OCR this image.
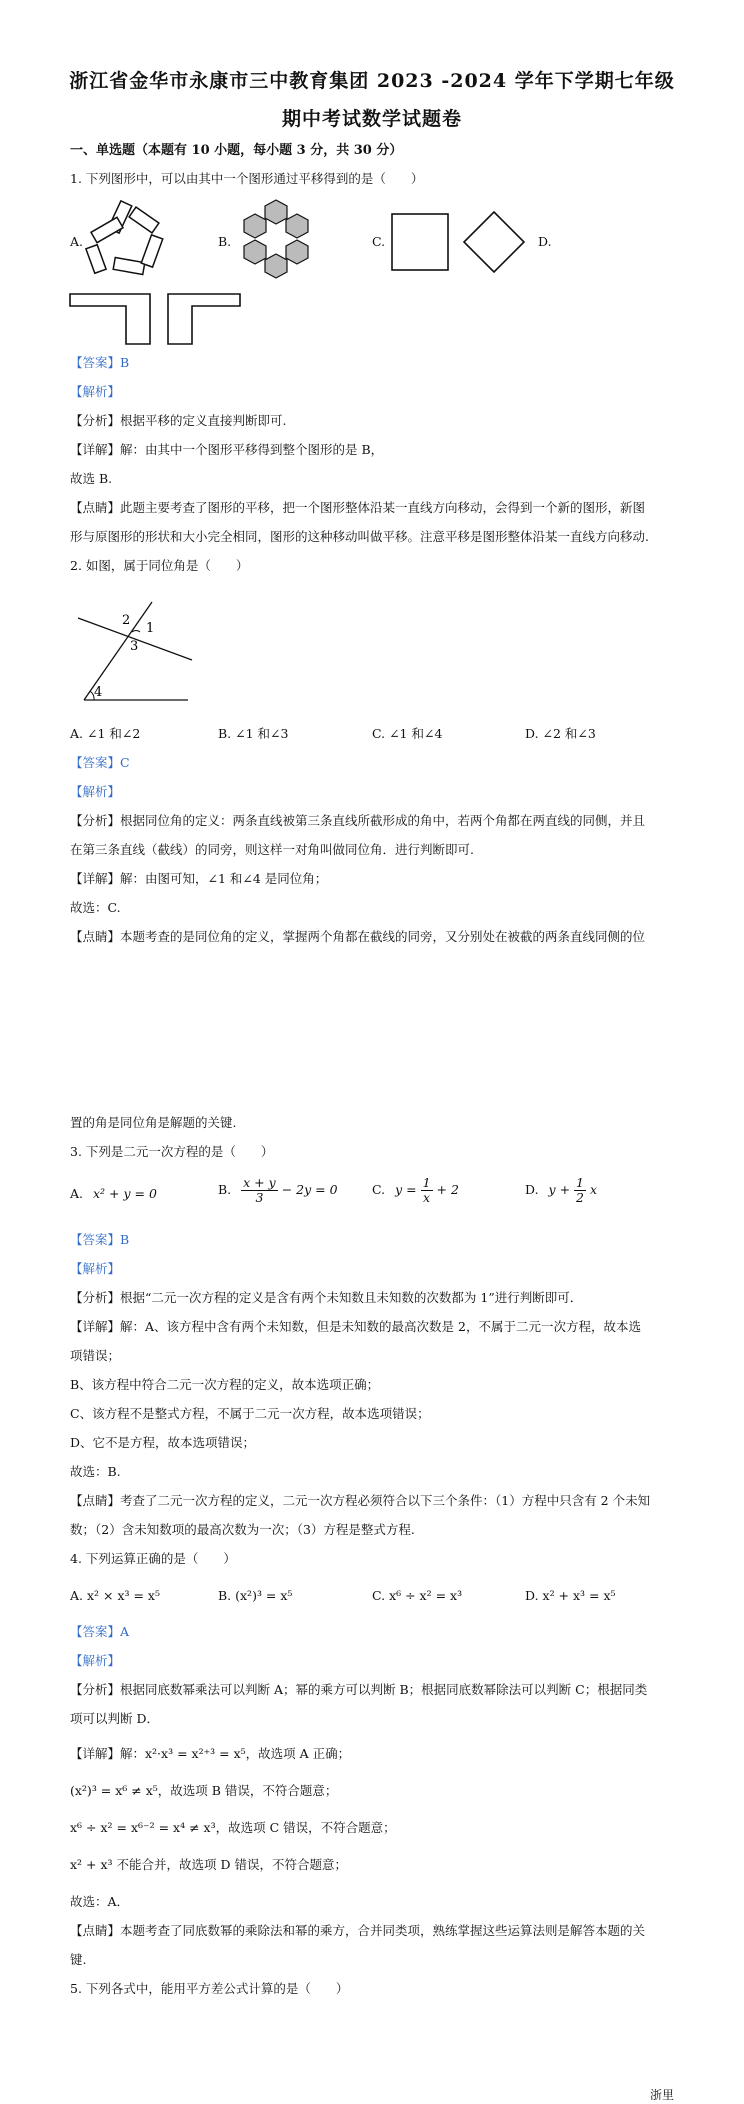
浙江省金华市永康市三中教育集团 2023 -2024 学年下学期七年级
期中考试数学试题卷
一、单选题（本题有 10 小题，每小题 3 分，共 30 分）
1. 下列图形中，可以由其中一个图形通过平移得到的是（　　）
A.	B.	C.	D.
【答案】B
【解析】
【分析】根据平移的定义直接判断即可.
【详解】解：由其中一个图形平移得到整个图形的是 B，
故选 B.
【点睛】此题主要考查了图形的平移，把一个图形整体沿某一直线方向移动，会得到一个新的图形，新图
形与原图形的形状和大小完全相同，图形的这种移动叫做平移。注意平移是图形整体沿某一直线方向移动.
2. 如图，属于同位角是（　　）
2
1
3
4
A. ∠1 和∠2	B. ∠1 和∠3	C. ∠1 和∠4	D. ∠2 和∠3
【答案】C
【解析】
【分析】根据同位角的定义：两条直线被第三条直线所截形成的角中，若两个角都在两直线的同侧，并且
在第三条直线（截线）的同旁，则这样一对角叫做同位角．进行判断即可.
【详解】解：由图可知，∠1 和∠4 是同位角；
故选：C.
【点睛】本题考查的是同位角的定义，掌握两个角都在截线的同旁，又分别处在被截的两条直线同侧的位
置的角是同位角是解题的关键.
3. 下列是二元一次方程的是（　　）
A. x² + y = 0	B. $\frac{x + y}{3} - 2y = 0$	C. $y = \frac{1}{x} + 2$	D. $y + \frac{1}{2}$ x
【答案】B
【解析】
【分析】根据“二元一次方程的定义是含有两个未知数且未知数的次数都为 1”进行判断即可．
【详解】解：A、该方程中含有两个未知数，但是未知数的最高次数是 2，不属于二元一次方程，故本选
项错误；
B、该方程中符合二元一次方程的定义，故本选项正确；
C、该方程不是整式方程，不属于二元一次方程，故本选项错误；
D、它不是方程，故本选项错误；
故选：B.
【点睛】考查了二元一次方程的定义，二元一次方程必须符合以下三个条件：（1）方程中只含有 2 个未知
数；（2）含未知数项的最高次数为一次；（3）方程是整式方程.
4. 下列运算正确的是（　　）
A. x² × x³ = x⁵	B. (x²)³ = x⁵	C. x⁶ ÷ x² = x³	D. x² + x³ = x⁵
【答案】A
【解析】
【分析】根据同底数幂乘法可以判断 A；幂的乘方可以判断 B；根据同底数幂除法可以判断 C；根据同类
项可以判断 D．
【详解】解：x²·x³ = x²⁺³ = x⁵，故选项 A 正确；
(x²)³ = x⁶ ≠ x⁵，故选项 B 错误，不符合题意；
x⁶ ÷ x² = x⁶⁻² = x⁴ ≠ x³，故选项 C 错误，不符合题意；
x² + x³ 不能合并，故选项 D 错误，不符合题意；
故选：A．
【点睛】本题考查了同底数幂的乘除法和幂的乘方，合并同类项，熟练掌握这些运算法则是解答本题的关
键.
5. 下列各式中，能用平方差公式计算的是（　　）
浙里
